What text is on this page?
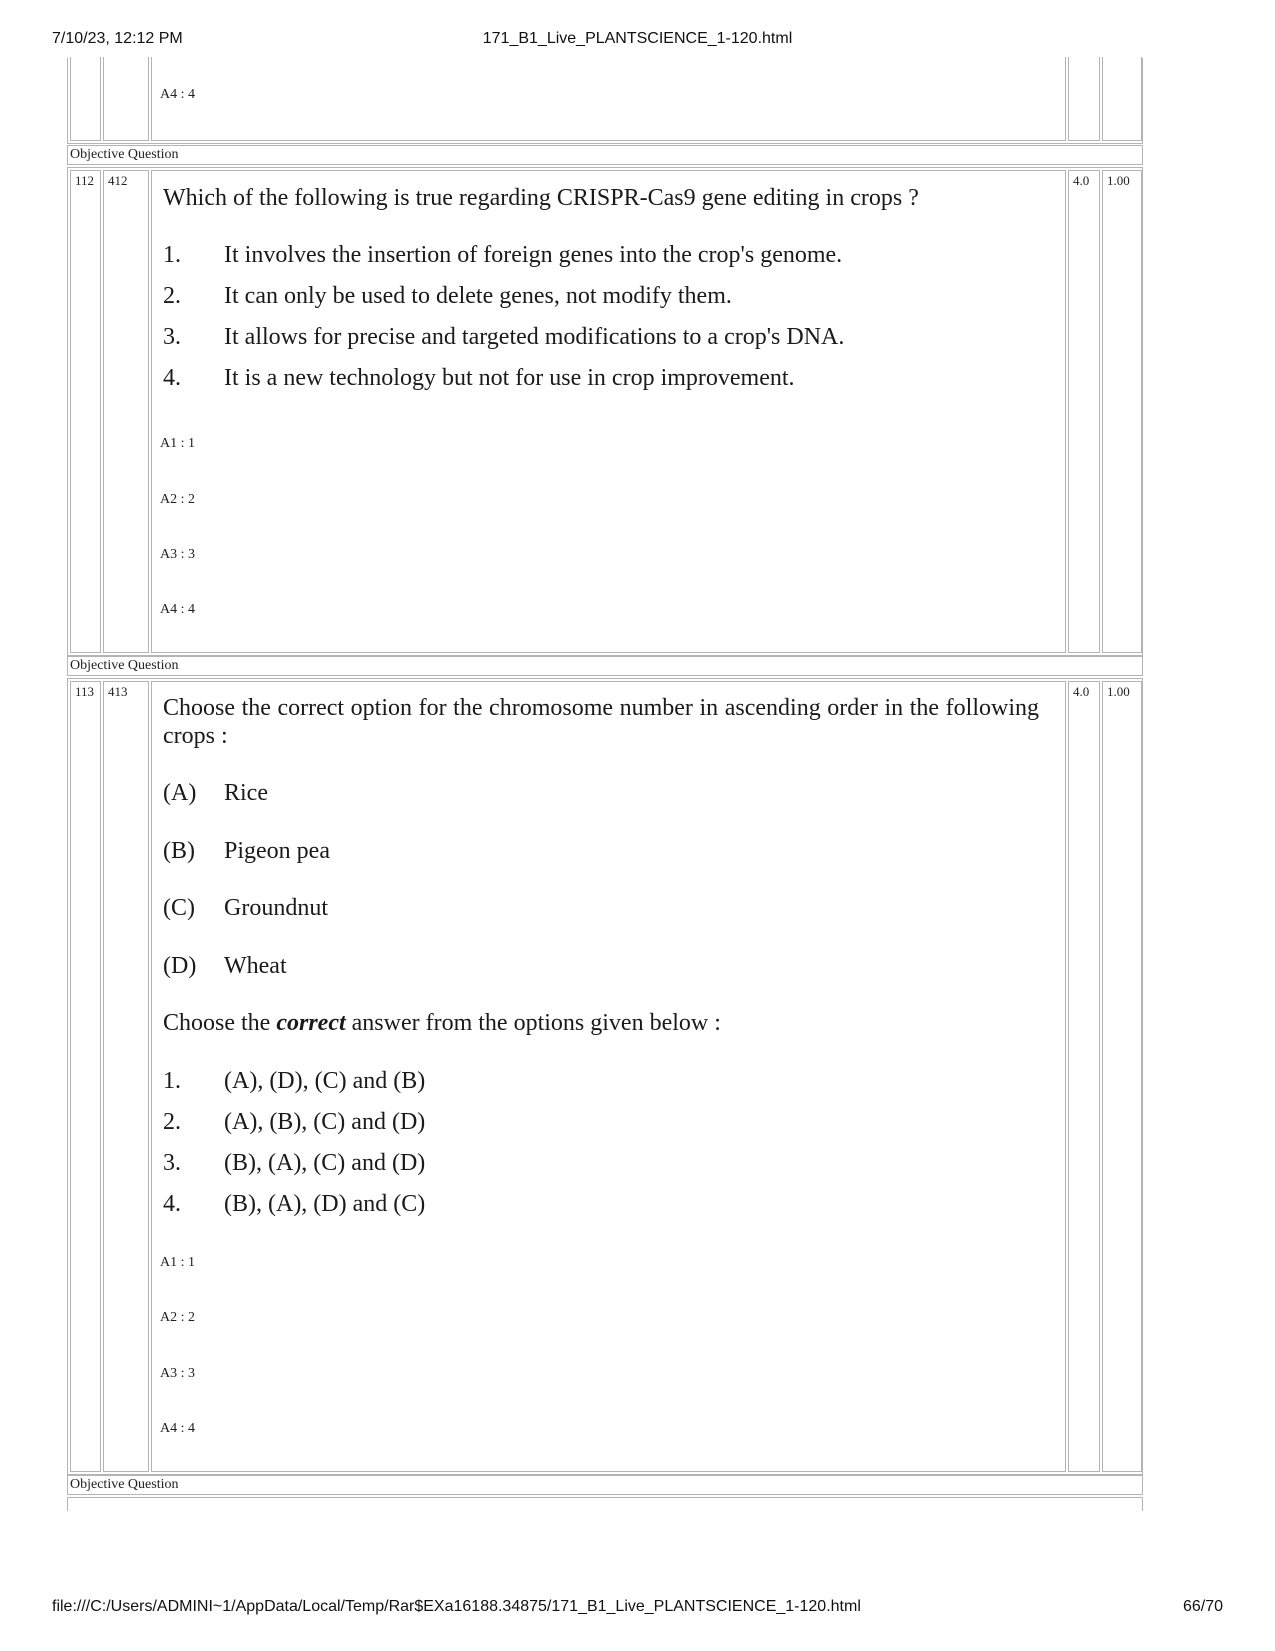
7/10/23, 12:12 PM	171_B1_Live_PLANTSCIENCE_1-120.html
file:///C:/Users/ADMINI~1/AppData/Local/Temp/Rar$EXa16188.34875/171_B1_Live_PLANTSCIENCE_1-120.html	66/70
A4 : 4
Objective Question
112	412
Which of the following is true regarding CRISPR-Cas9 gene editing in crops ?
1. It involves the insertion of foreign genes into the crop's genome.
2. It can only be used to delete genes, not modify them.
3. It allows for precise and targeted modifications to a crop's DNA.
4. It is a new technology but not for use in crop improvement.
A1 : 1
A2 : 2
A3 : 3
A4 : 4
4.0	1.00
Objective Question
113	413
Choose the correct option for the chromosome number in ascending order in the following crops :
(A) Rice
(B) Pigeon pea
(C) Groundnut
(D) Wheat
Choose the correct answer from the options given below :
1. (A), (D), (C) and (B)
2. (A), (B), (C) and (D)
3. (B), (A), (C) and (D)
4. (B), (A), (D) and (C)
A1 : 1
A2 : 2
A3 : 3
A4 : 4
4.0	1.00
Objective Question
